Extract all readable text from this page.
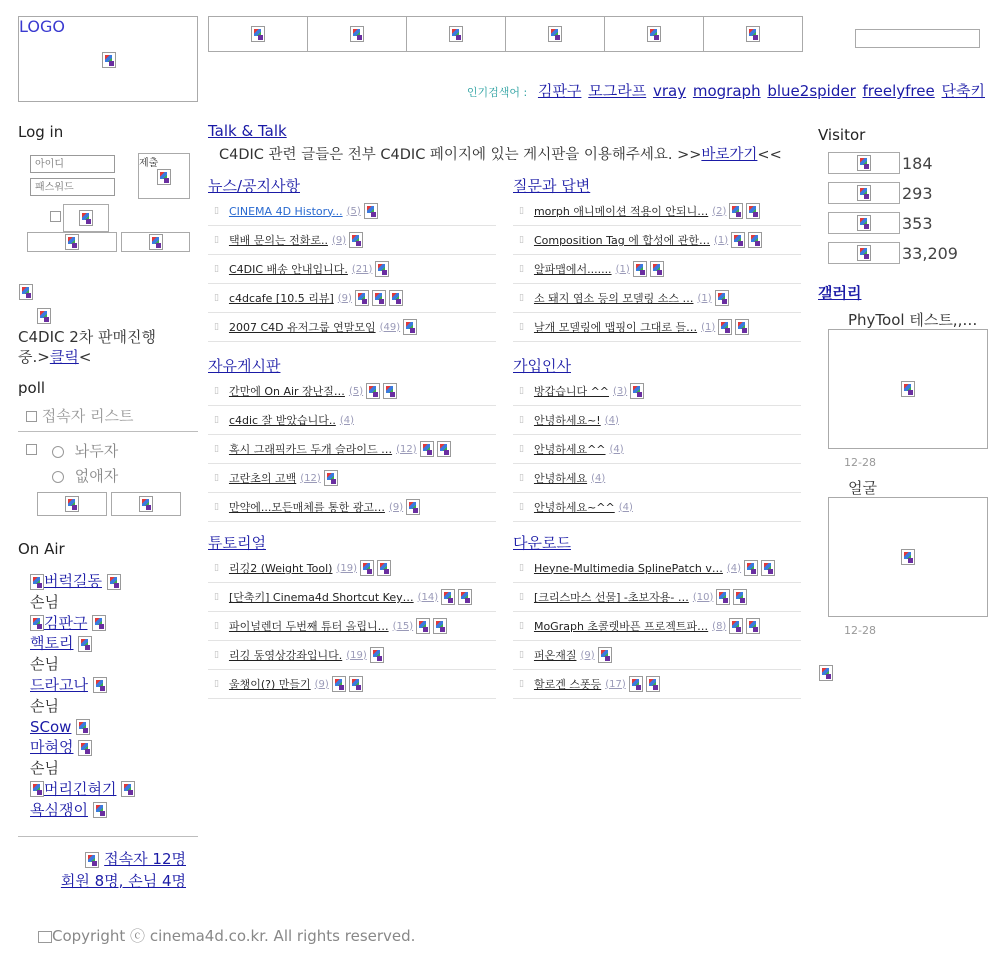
LOGO
인기검색어 : 김판구 모그라프 vray mograph blue2spider freelyfree 단축키
Log in
아이디
패스워드
제출

C4DIC 2차 판매진행
중.>클릭<
poll
접속자 리스트
놔두자
없애자
On Air
버럭길동
손님
김판구
핵토리
손님
드라고나
손님
SCow
마혀엉
손님
머리긴혀기
욕심쟁이
접속자 12명
회원 8명, 손님 4명
Copyright ⓒ cinema4d.co.kr. All rights reserved.
Talk & Talk
C4DIC 관련 글들은 전부 C4DIC 페이지에 있는 게시판을 이용해주세요. >>바로가기<<
뉴스/공지사항
▯ CINEMA 4D History... (5)
▯ 택배 문의는 전화로.. (9)
▯ C4DIC 배송 안내입니다. (21)
▯ c4dcafe [10.5 리뷰] (9)
▯ 2007 C4D 유저그룹 연말모임 (49)
질문과 답변
▯ morph 애니메이션 적용이 안되니… (2)
▯ Composition Tag 에 합성에 관한… (1)
▯ 알파맵에서....... (1)
▯ 소 돼지 염소 등의 모델링 소스 … (1)
▯ 날개 모델링에 맵핑이 그대로 들… (1)
자유게시판
▯ 간만에 On Air 장난질… (5)
▯ c4dic 잘 받았습니다.. (4)
▯ 혹시 그래픽카드 두개 슬라이드 … (12)
▯ 고란초의 고백 (12)
▯ 만약에...모든매체를 통한 광고… (9)
가입인사
▯ 방갑습니다 ^^ (3)
▯ 안녕하세요~! (4)
▯ 안녕하세요^^ (4)
▯ 안녕하세요 (4)
▯ 안녕하세요~^^ (4)
튜토리얼
▯ 리깅2 (Weight Tool) (19)
▯ [단축키] Cinema4d Shortcut Key… (14)
▯ 파이널렌더 두번째 튜터 올립니… (15)
▯ 리깅 동영상강좌입니다. (19)
▯ 울챙이(?) 만들기 (9)
다운로드
▯ Heyne-Multimedia SplinePatch v… (4)
▯ [크리스마스 선물] -초보자용- … (10)
▯ MoGraph 초콜렛바픈 프로젝트파… (8)
▯ 퍼온재질 (9)
▯ 할로겐 스폿등 (17)
Visitor
184
293
353
33,209
갤러리
PhyTool 테스트,,…
12-28
얼굴
12-28
